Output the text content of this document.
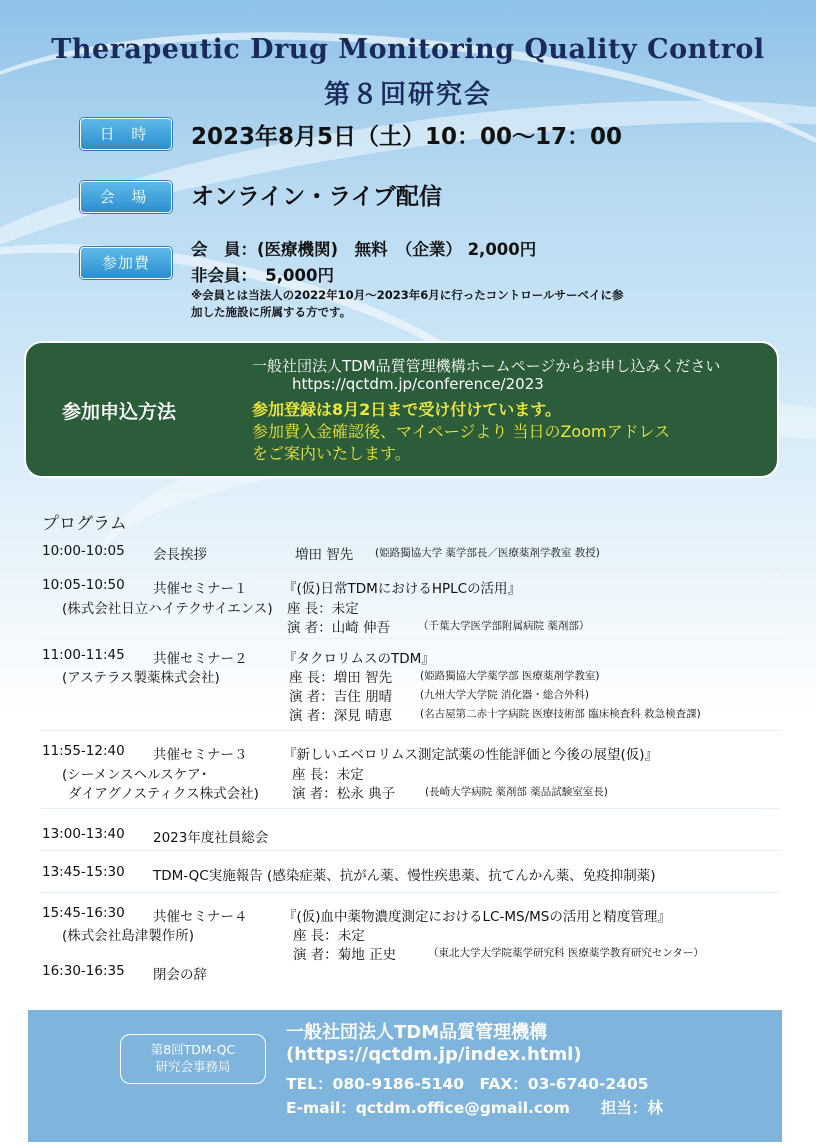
Therapeutic Drug Monitoring Quality Control
第８回研究会
日 時	2023年8月5日（土）10：00～17：00
会 場	オンライン・ライブ配信
参加費
会　員：(医療機関)　無料　（企業） 2,000円
非会員：　5,000円
※会員とは当法人の2022年10月～2023年6月に行ったコントロールサーベイに参
加した施設に所属する方です。
参加申込方法
一般社団法人TDM品質管理機構ホームページからお申し込みください
https://qctdm.jp/conference/2023
参加登録は8月2日まで受け付けています。
参加費入金確認後、マイページより 当日のZoomアドレス
をご案内いたします。
プログラム
10:00-10:05 会長挨拶	増田 智先 (姫路獨協大学 薬学部長／医療薬剤学教室 教授)
10:05-10:50 共催セミナー１
(株式会社日立ハイテクサイエンス)
『(仮)日常TDMにおけるHPLCの活用』
座 長：未定
演 者：山崎 伸吾	（千葉大学医学部附属病院 薬剤部）
11:00-11:45 共催セミナー２
(アステラス製薬株式会社)
『タクロリムスのTDM』
座 長：増田 智先	(姫路獨協大学薬学部 医療薬剤学教室)
演 者：吉住 朋晴	(九州大学大学院 消化器・総合外科)
演 者：深見 晴恵	(名古屋第二赤十字病院 医療技術部 臨床検査科 救急検査課)
11:55-12:40 共催セミナー３
(シーメンスヘルスケア･
ダイアグノスティクス株式会社)
『新しいエベロリムス測定試薬の性能評価と今後の展望(仮)』
座 長：未定
演 者：松永 典子	(長崎大学病院 薬剤部 薬品試験室室長)
13:00-13:40 2023年度社員総会
13:45-15:30 TDM-QC実施報告 (感染症薬、抗がん薬、慢性疾患薬、抗てんかん薬、免疫抑制薬)
15:45-16:30 共催セミナー４
(株式会社島津製作所)
『(仮)血中薬物濃度測定におけるLC-MS/MSの活用と精度管理』
座 長：未定
演 者：菊地 正史	（東北大学大学院薬学研究科 医療薬学教育研究センター）
16:30-16:35 閉会の辞
第8回TDM-QC
研究会事務局
一般社団法人TDM品質管理機構
(https://qctdm.jp/index.html)
TEL：080-9186-5140　FAX：03-6740-2405
E-mail：qctdm.office@gmail.com　　担当：林
